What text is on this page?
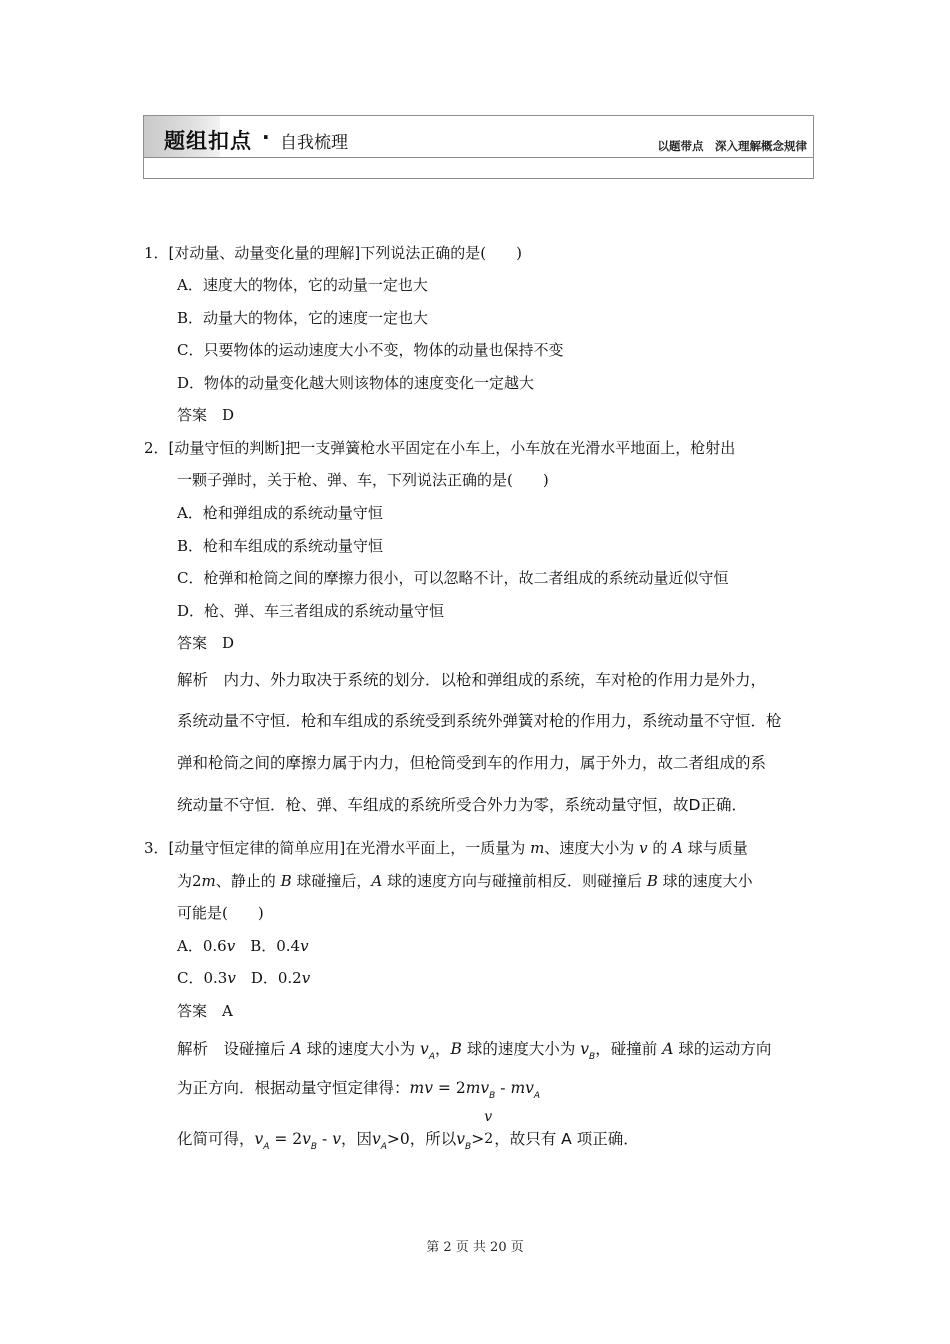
题组扣点 · 自我梳理	以题带点　深入理解概念规律
1．[对动量、动量变化量的理解]下列说法正确的是(　　)
A．速度大的物体，它的动量一定也大
B．动量大的物体，它的速度一定也大
C．只要物体的运动速度大小不变，物体的动量也保持不变
D．物体的动量变化越大则该物体的速度变化一定越大
答案　D
2．[动量守恒的判断]把一支弹簧枪水平固定在小车上，小车放在光滑水平地面上，枪射出
一颗子弹时，关于枪、弹、车，下列说法正确的是(　　)
A．枪和弹组成的系统动量守恒
B．枪和车组成的系统动量守恒
C．枪弹和枪筒之间的摩擦力很小，可以忽略不计，故二者组成的系统动量近似守恒
D．枪、弹、车三者组成的系统动量守恒
答案　D
解析　内力、外力取决于系统的划分．以枪和弹组成的系统，车对枪的作用力是外力，
系统动量不守恒．枪和车组成的系统受到系统外弹簧对枪的作用力，系统动量不守恒．枪
弹和枪筒之间的摩擦力属于内力，但枪筒受到车的作用力，属于外力，故二者组成的系
统动量不守恒．枪、弹、车组成的系统所受合外力为零，系统动量守恒，故D正确．
3．[动量守恒定律的简单应用]在光滑水平面上，一质量为 m、速度大小为 v 的 A 球与质量
为2m、静止的 B 球碰撞后，A 球的速度方向与碰撞前相反．则碰撞后 B 球的速度大小
可能是(　　)
A．0.6v　B．0.4v
C．0.3v　D．0.2v
答案　A
解析　设碰撞后 A 球的速度大小为 $v_A$，B 球的速度大小为 $v_B$，碰撞前 A 球的运动方向
为正方向．根据动量守恒定律得：mv = $2mv_B - mv_A$
化简可得，$v_A = 2v_B - v$，因$v_A>0$，所以$v_B>$
v
2 ，故只有 A 项正确．
第 2 页 共 20 页
